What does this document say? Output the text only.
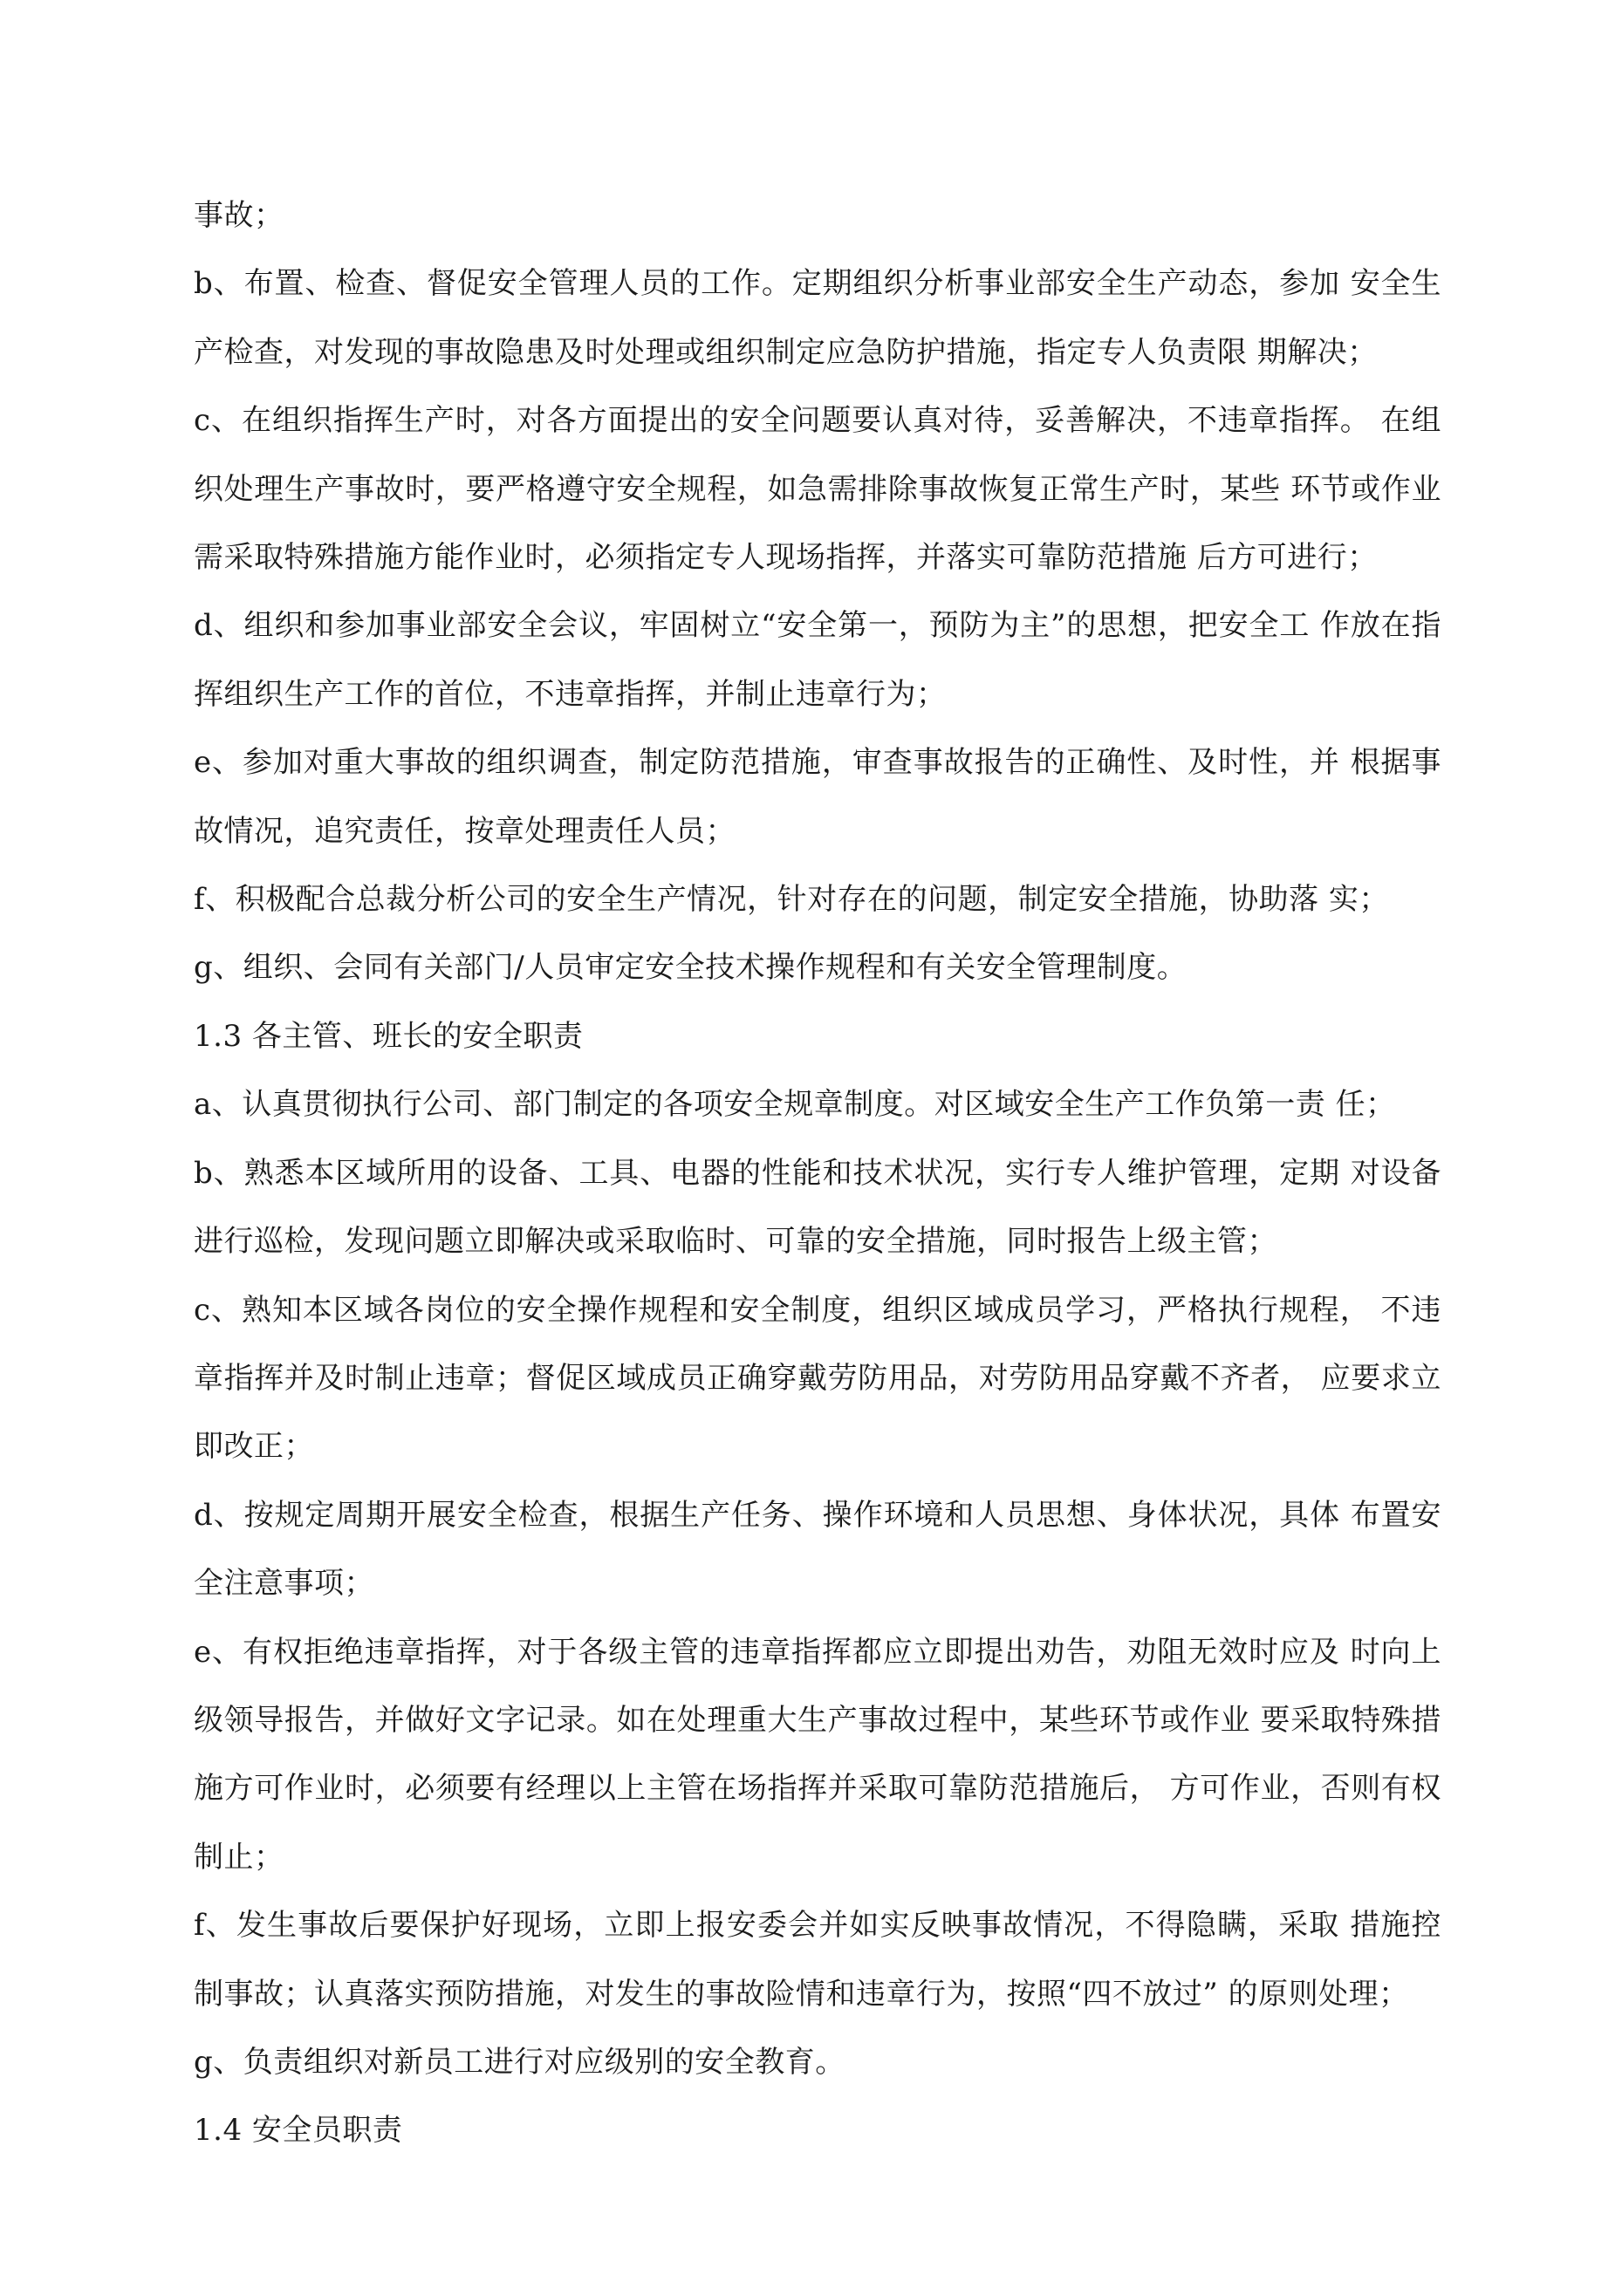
事故；

b、布置、检查、督促安全管理人员的工作。定期组织分析事业部安全生产动态，参加 安全生产检查，对发现的事故隐患及时处理或组织制定应急防护措施，指定专人负责限 期解决；

c、在组织指挥生产时，对各方面提出的安全问题要认真对待，妥善解决，不违章指挥。 在组织处理生产事故时，要严格遵守安全规程，如急需排除事故恢复正常生产时，某些 环节或作业需采取特殊措施方能作业时，必须指定专人现场指挥，并落实可靠防范措施 后方可进行；

d、组织和参加事业部安全会议，牢固树立“安全第一，预防为主”的思想，把安全工 作放在指挥组织生产工作的首位，不违章指挥，并制止违章行为；

e、参加对重大事故的组织调查，制定防范措施，审查事故报告的正确性、及时性，并 根据事故情况，追究责任，按章处理责任人员；

f、积极配合总裁分析公司的安全生产情况，针对存在的问题，制定安全措施，协助落 实；

g、组织、会同有关部门/人员审定安全技术操作规程和有关安全管理制度。

1.3 各主管、班长的安全职责

a、认真贯彻执行公司、部门制定的各项安全规章制度。对区域安全生产工作负第一责 任；

b、熟悉本区域所用的设备、工具、电器的性能和技术状况，实行专人维护管理，定期 对设备进行巡检，发现问题立即解决或采取临时、可靠的安全措施，同时报告上级主管；

c、熟知本区域各岗位的安全操作规程和安全制度，组织区域成员学习，严格执行规程， 不违章指挥并及时制止违章；督促区域成员正确穿戴劳防用品，对劳防用品穿戴不齐者， 应要求立即改正；

d、按规定周期开展安全检查，根据生产任务、操作环境和人员思想、身体状况，具体 布置安全注意事项；

e、有权拒绝违章指挥，对于各级主管的违章指挥都应立即提出劝告，劝阻无效时应及 时向上级领导报告，并做好文字记录。如在处理重大生产事故过程中，某些环节或作业 要采取特殊措施方可作业时，必须要有经理以上主管在场指挥并采取可靠防范措施后， 方可作业，否则有权制止；

f、发生事故后要保护好现场，立即上报安委会并如实反映事故情况，不得隐瞒，采取 措施控制事故；认真落实预防措施，对发生的事故险情和违章行为，按照“四不放过” 的原则处理；

g、负责组织对新员工进行对应级别的安全教育。

1.4 安全员职责
